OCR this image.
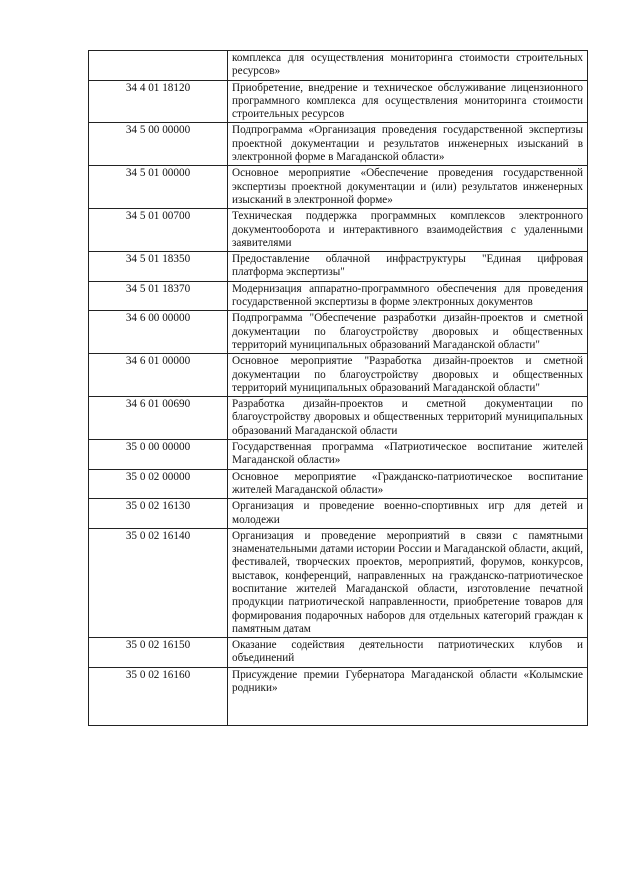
	комплекса для осуществления мониторинга стоимости строительных ресурсов»
34 4 01 18120	Приобретение, внедрение и техническое обслуживание лицензионного программного комплекса для осуществления мониторинга стоимости строительных ресурсов
34 5 00 00000	Подпрограмма «Организация проведения государственной экспертизы проектной документации и результатов инженерных изысканий в электронной форме в Магаданской области»
34 5 01 00000	Основное мероприятие «Обеспечение проведения государственной экспертизы проектной документации и (или) результатов инженерных изысканий в электронной форме»
34 5 01 00700	Техническая поддержка программных комплексов электронного документооборота и интерактивного взаимодействия с удаленными заявителями
34 5 01 18350	Предоставление облачной инфраструктуры "Единая цифровая платформа экспертизы"
34 5 01 18370	Модернизация аппаратно-программного обеспечения для проведения государственной экспертизы в форме электронных документов
34 6 00 00000	Подпрограмма "Обеспечение разработки дизайн-проектов и сметной документации по благоустройству дворовых и общественных территорий муниципальных образований Магаданской области"
34 6 01 00000	Основное мероприятие "Разработка дизайн-проектов и сметной документации по благоустройству дворовых и общественных территорий муниципальных образований Магаданской области"
34 6 01 00690	Разработка дизайн-проектов и сметной документации по благоустройству дворовых и общественных территорий муниципальных образований Магаданской области
35 0 00 00000	Государственная программа «Патриотическое воспитание жителей Магаданской области»
35 0 02 00000	Основное мероприятие «Гражданско-патриотическое воспитание жителей Магаданской области»
35 0 02 16130	Организация и проведение военно-спортивных игр для детей и молодежи
35 0 02 16140	Организация и проведение мероприятий в связи с памятными знаменательными датами истории России и Магаданской области, акций, фестивалей, творческих проектов, мероприятий, форумов, конкурсов, выставок, конференций, направленных на гражданско-патриотическое воспитание жителей Магаданской области, изготовление печатной продукции патриотической направленности, приобретение товаров для формирования подарочных наборов для отдельных категорий граждан к памятным датам
35 0 02 16150	Оказание содействия деятельности патриотических клубов и объединений
35 0 02 16160	Присуждение премии Губернатора Магаданской области «Колымские родники»
